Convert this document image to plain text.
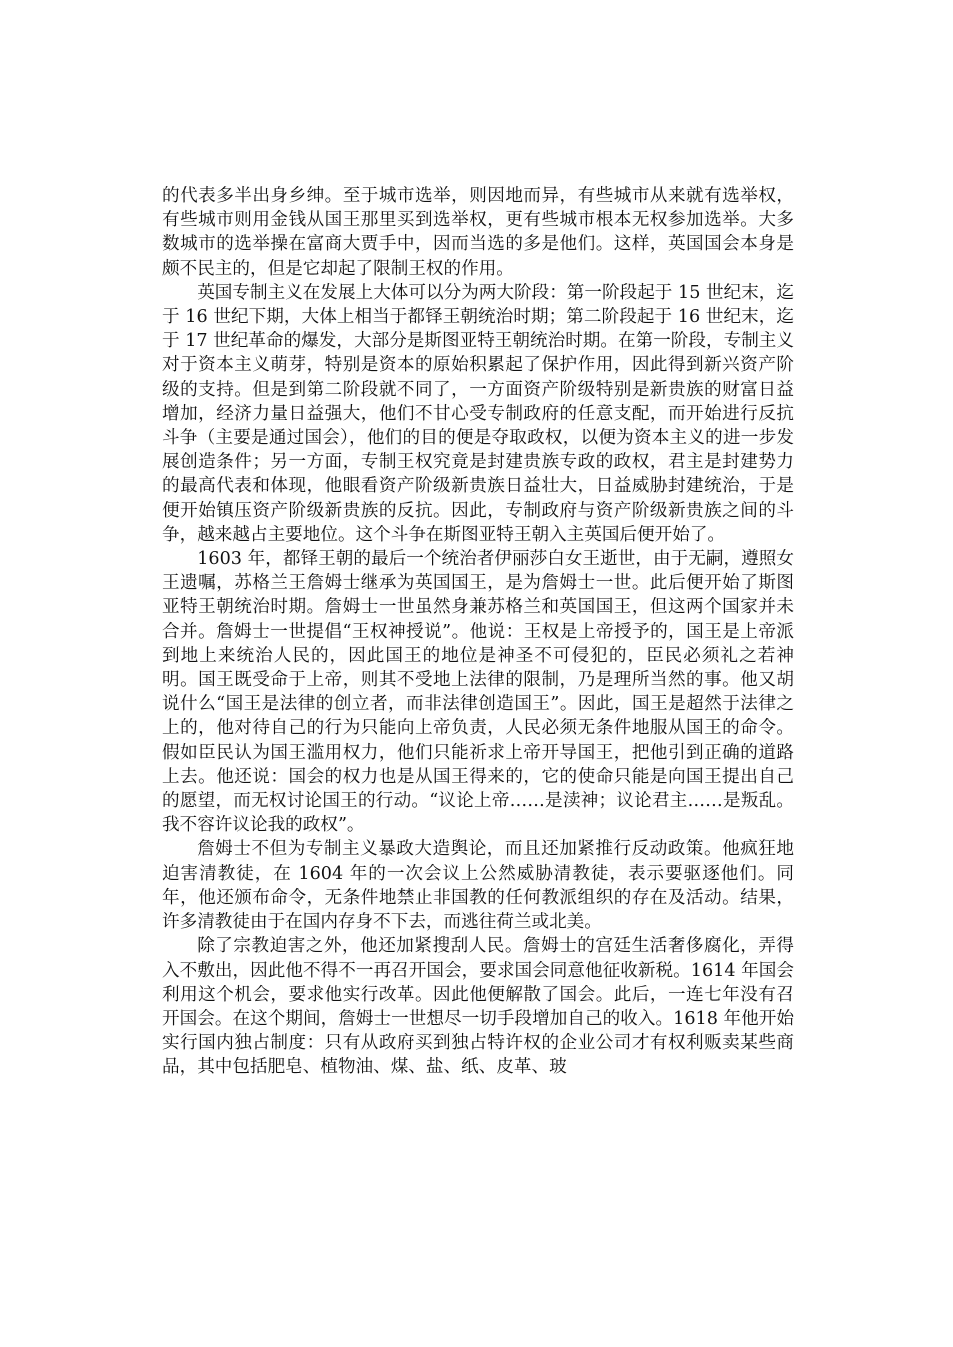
的代表多半出身乡绅。至于城市选举，则因地而异，有些城市从来就有选举权，有些城市则用金钱从国王那里买到选举权，更有些城市根本无权参加选举。大多数城市的选举操在富商大贾手中，因而当选的多是他们。这样，英国国会本身是颇不民主的，但是它却起了限制王权的作用。

英国专制主义在发展上大体可以分为两大阶段：第一阶段起于 15 世纪末，迄于 16 世纪下期，大体上相当于都铎王朝统治时期；第二阶段起于 16 世纪末，迄于 17 世纪革命的爆发，大部分是斯图亚特王朝统治时期。在第一阶段，专制主义对于资本主义萌芽，特别是资本的原始积累起了保护作用，因此得到新兴资产阶级的支持。但是到第二阶段就不同了，一方面资产阶级特别是新贵族的财富日益增加，经济力量日益强大，他们不甘心受专制政府的任意支配，而开始进行反抗斗争（主要是通过国会），他们的目的便是夺取政权，以便为资本主义的进一步发展创造条件；另一方面，专制王权究竟是封建贵族专政的政权，君主是封建势力的最高代表和体现，他眼看资产阶级新贵族日益壮大，日益威胁封建统治，于是便开始镇压资产阶级新贵族的反抗。因此，专制政府与资产阶级新贵族之间的斗争，越来越占主要地位。这个斗争在斯图亚特王朝入主英国后便开始了。

1603 年，都铎王朝的最后一个统治者伊丽莎白女王逝世，由于无嗣，遵照女王遗嘱，苏格兰王詹姆士继承为英国国王，是为詹姆士一世。此后便开始了斯图亚特王朝统治时期。詹姆士一世虽然身兼苏格兰和英国国王，但这两个国家并未合并。詹姆士一世提倡“王权神授说”。他说：王权是上帝授予的，国王是上帝派到地上来统治人民的，因此国王的地位是神圣不可侵犯的，臣民必须礼之若神明。国王既受命于上帝，则其不受地上法律的限制，乃是理所当然的事。他又胡说什么“国王是法律的创立者，而非法律创造国王”。因此，国王是超然于法律之上的，他对待自己的行为只能向上帝负责，人民必须无条件地服从国王的命令。假如臣民认为国王滥用权力，他们只能祈求上帝开导国王，把他引到正确的道路上去。他还说：国会的权力也是从国王得来的，它的使命只能是向国王提出自己的愿望，而无权讨论国王的行动。“议论上帝……是渎神；议论君主……是叛乱。我不容许议论我的政权”。

詹姆士不但为专制主义暴政大造舆论，而且还加紧推行反动政策。他疯狂地迫害清教徒，在 1604 年的一次会议上公然威胁清教徒，表示要驱逐他们。同年，他还颁布命令，无条件地禁止非国教的任何教派组织的存在及活动。结果，许多清教徒由于在国内存身不下去，而逃往荷兰或北美。

除了宗教迫害之外，他还加紧搜刮人民。詹姆士的宫廷生活奢侈腐化，弄得入不敷出，因此他不得不一再召开国会，要求国会同意他征收新税。1614 年国会利用这个机会，要求他实行改革。因此他便解散了国会。此后，一连七年没有召开国会。在这个期间，詹姆士一世想尽一切手段增加自己的收入。1618 年他开始实行国内独占制度：只有从政府买到独占特许权的企业公司才有权利贩卖某些商品，其中包括肥皂、植物油、煤、盐、纸、皮革、玻
